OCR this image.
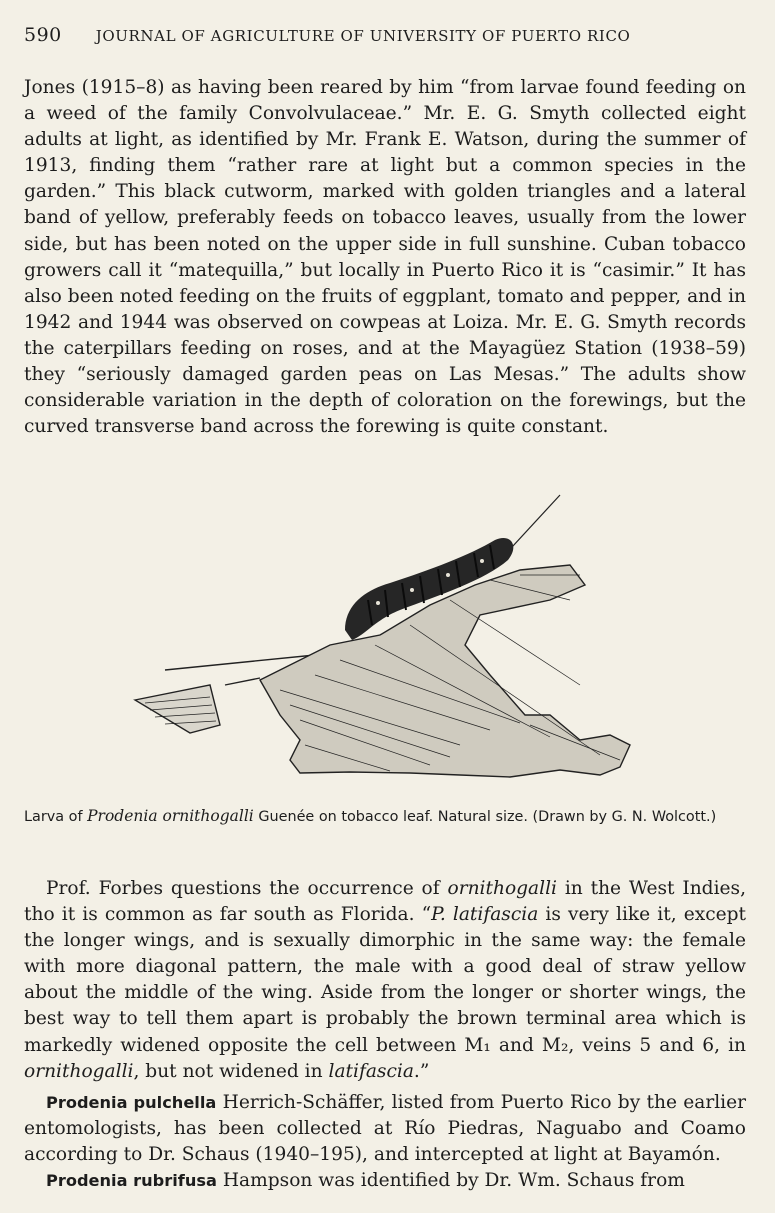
590 JOURNAL OF AGRICULTURE OF UNIVERSITY OF PUERTO RICO
Jones (1915–8) as having been reared by him “from larvae found feeding on a weed of the family Convolvulaceae.” Mr. E. G. Smyth collected eight adults at light, as identified by Mr. Frank E. Watson, during the summer of 1913, finding them “rather rare at light but a common species in the garden.” This black cutworm, marked with golden triangles and a lateral band of yellow, preferably feeds on tobacco leaves, usually from the lower side, but has been noted on the upper side in full sunshine. Cuban tobacco growers call it “matequilla,” but locally in Puerto Rico it is “casimir.” It has also been noted feeding on the fruits of eggplant, tomato and pepper, and in 1942 and 1944 was observed on cowpeas at Loiza. Mr. E. G. Smyth records the caterpillars feeding on roses, and at the Mayagüez Station (1938–59) they “seriously damaged garden peas on Las Mesas.” The adults show considerable variation in the depth of coloration on the forewings, but the curved transverse band across the forewing is quite constant.
Larva of Prodenia ornithogalli Guenée on tobacco leaf. Natural size. (Drawn by G. N. Wolcott.)
Prof. Forbes questions the occurrence of ornithogalli in the West Indies, tho it is common as far south as Florida. “P. latifascia is very like it, except the longer wings, and is sexually dimorphic in the same way: the female with more diagonal pattern, the male with a good deal of straw yellow about the middle of the wing. Aside from the longer or shorter wings, the best way to tell them apart is probably the brown terminal area which is markedly widened opposite the cell between M₁ and M₂, veins 5 and 6, in ornithogalli, but not widened in latifascia.”
Prodenia pulchella Herrich-Schäffer, listed from Puerto Rico by the earlier entomologists, has been collected at Río Piedras, Naguabo and Coamo according to Dr. Schaus (1940–195), and intercepted at light at Bayamón.
Prodenia rubrifusa Hampson was identified by Dr. Wm. Schaus from
